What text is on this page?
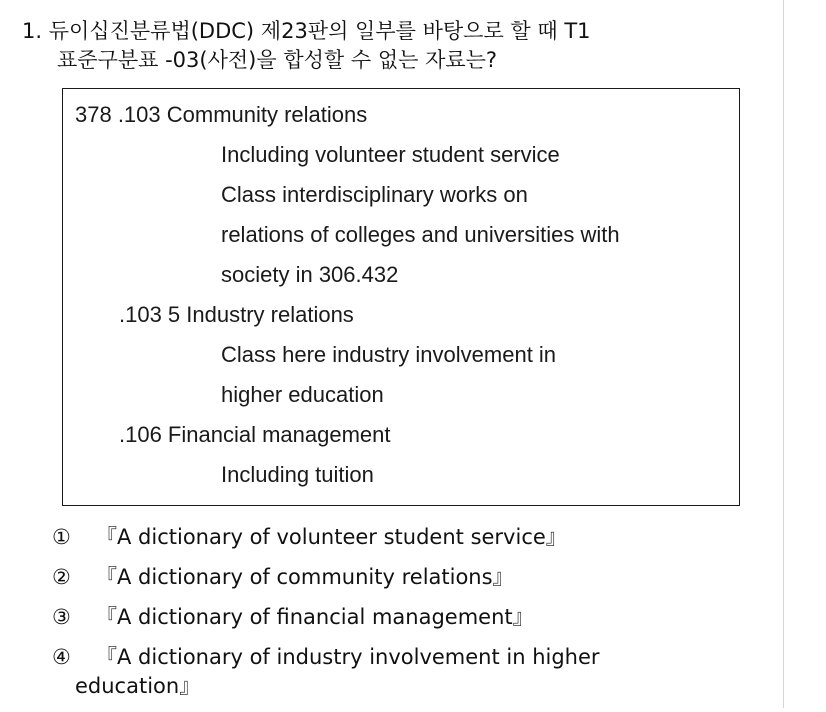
1. 듀이십진분류법(DDC) 제23판의 일부를 바탕으로 할 때 T1
표준구분표 -03(사전)을 합성할 수 없는 자료는?
378 .103 Community relations
Including volunteer student service
Class interdisciplinary works on
relations of colleges and universities with
society in 306.432
.103 5 Industry relations
Class here industry involvement in
higher education
.106 Financial management
Including tuition
① 『A dictionary of volunteer student service』
② 『A dictionary of community relations』
③ 『A dictionary of financial management』
④ 『A dictionary of industry involvement in higher
education』
